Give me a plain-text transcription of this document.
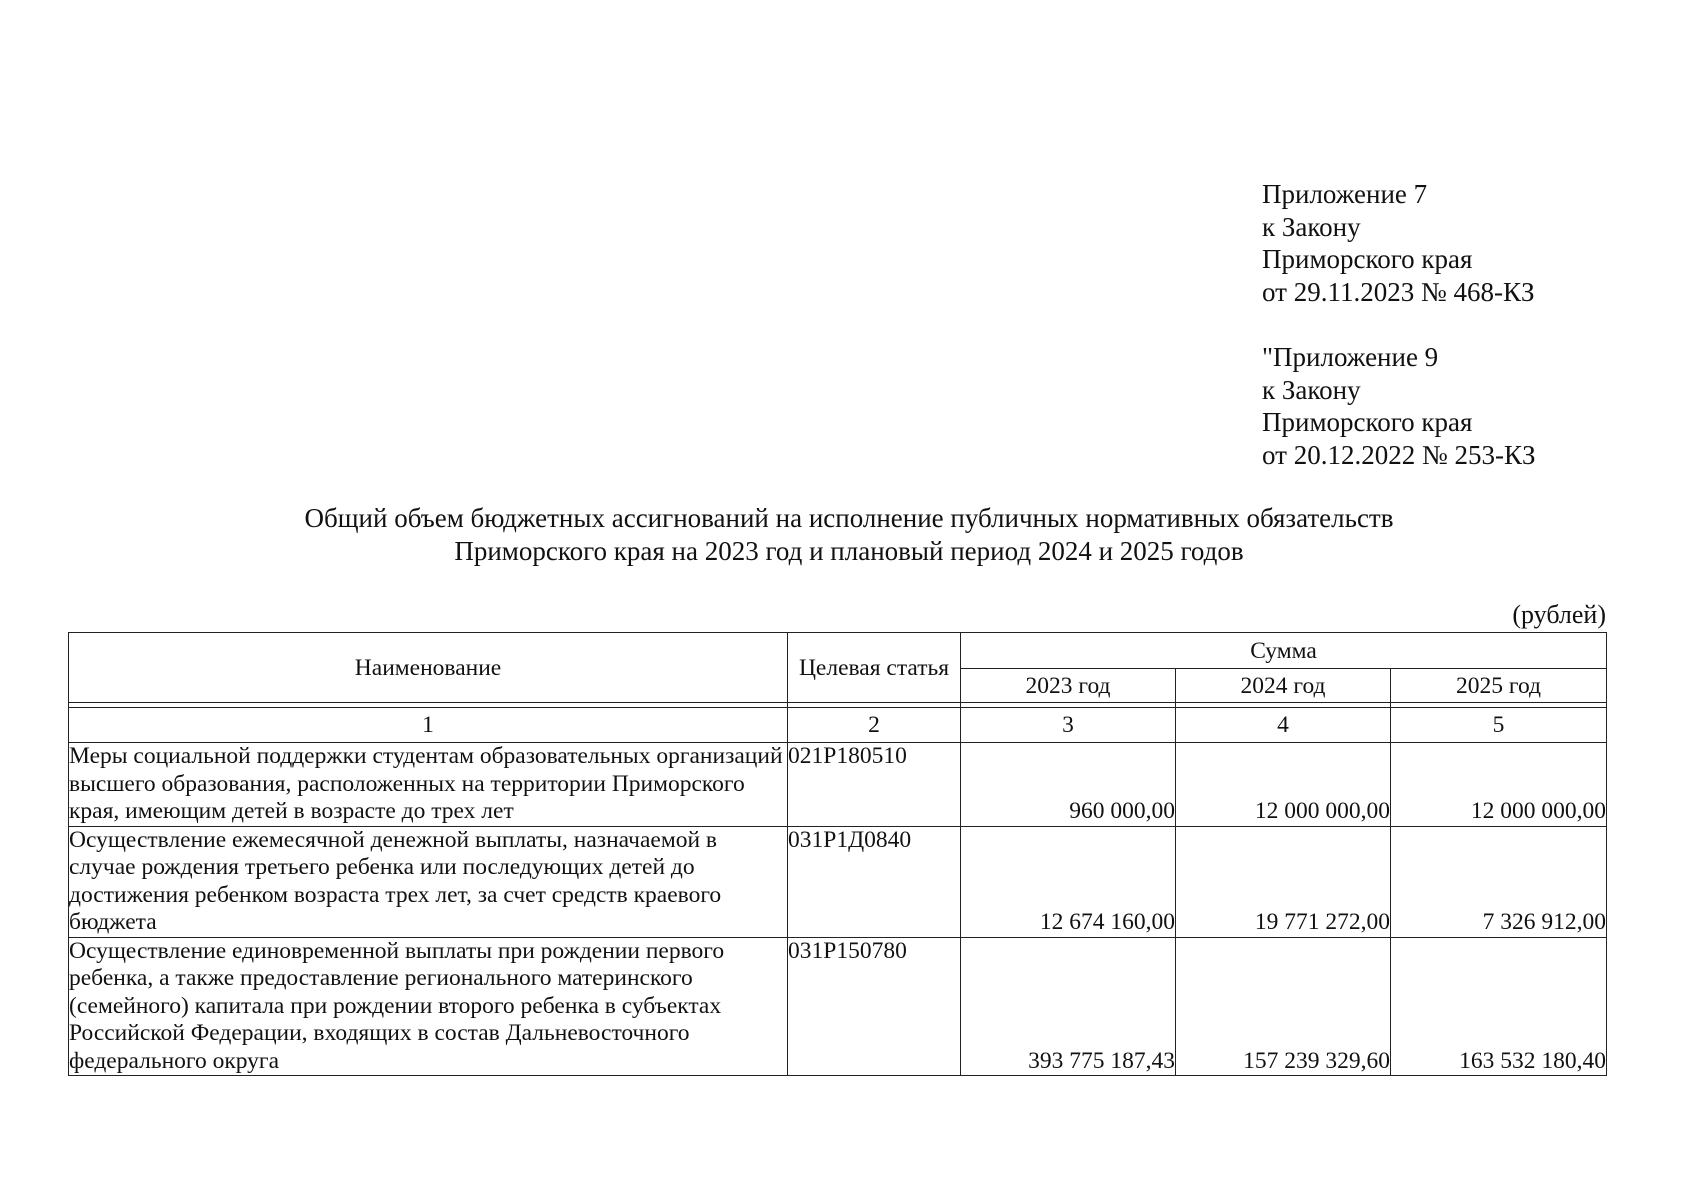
Приложение 7
к Закону
Приморского края
от 29.11.2023 № 468-КЗ
"Приложение 9
к Закону
Приморского края
от 20.12.2022 № 253-КЗ
Общий объем бюджетных ассигнований на исполнение публичных нормативных обязательств
Приморского края на 2023 год и плановый период 2024 и 2025 годов
(рублей)
Наименование	Целевая статья	Сумма		
		2023 год	2024 год	2025 год

1	2	3	4	5
Меры социальной поддержки студентам образовательных организаций высшего образования, расположенных на территории Приморского края, имеющим детей в возрасте до трех лет	021P180510	960 000,00	12 000 000,00	12 000 000,00
Осуществление ежемесячной денежной выплаты, назначаемой в случае рождения третьего ребенка или последующих детей до достижения ребенком возраста трех лет, за счет средств краевого бюджета	031P1Д0840	12 674 160,00	19 771 272,00	7 326 912,00
Осуществление единовременной выплаты при рождении первого ребенка, а также предоставление регионального материнского (семейного) капитала при рождении второго ребенка в субъектах Российской Федерации, входящих в состав Дальневосточного федерального округа	031P150780	393 775 187,43	157 239 329,60	163 532 180,40
